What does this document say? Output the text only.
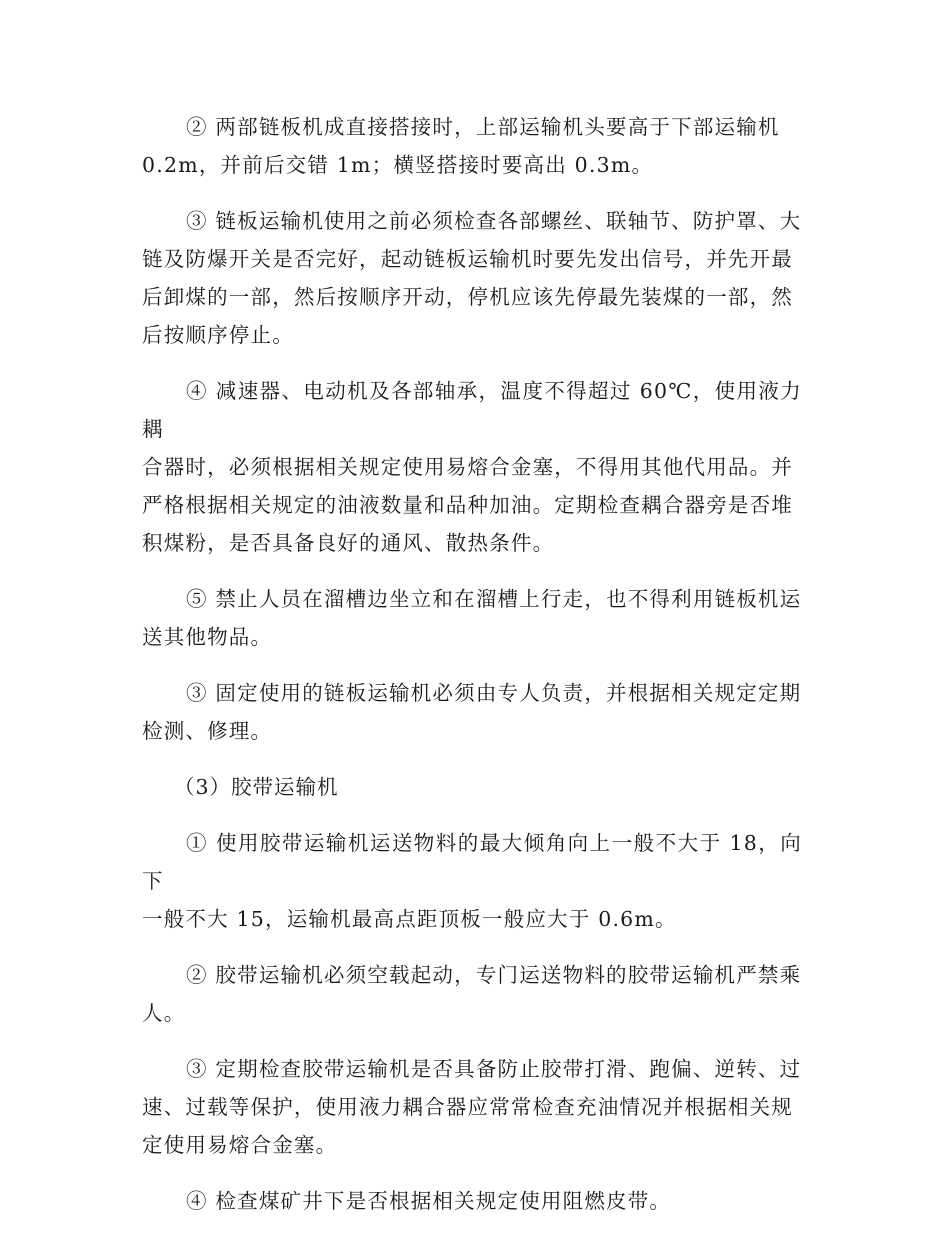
② 两部链板机成直接搭接时，上部运输机头要高于下部运输机
0.2m，并前后交错 1m；横竖搭接时要高出 0.3m。

③ 链板运输机使用之前必须检查各部螺丝、联轴节、防护罩、大
链及防爆开关是否完好，起动链板运输机时要先发出信号，并先开最
后卸煤的一部，然后按顺序开动，停机应该先停最先装煤的一部，然
后按顺序停止。

④ 减速器、电动机及各部轴承，温度不得超过 60℃，使用液力耦
合器时，必须根据相关规定使用易熔合金塞，不得用其他代用品。并
严格根据相关规定的油液数量和品种加油。定期检查耦合器旁是否堆
积煤粉，是否具备良好的通风、散热条件。

⑤ 禁止人员在溜槽边坐立和在溜槽上行走，也不得利用链板机运
送其他物品。

③ 固定使用的链板运输机必须由专人负责，并根据相关规定定期
检测、修理。

（3）胶带运输机

① 使用胶带运输机运送物料的最大倾角向上一般不大于 18，向下
一般不大 15，运输机最高点距顶板一般应大于 0.6m。

② 胶带运输机必须空载起动，专门运送物料的胶带运输机严禁乘
人。

③ 定期检查胶带运输机是否具备防止胶带打滑、跑偏、逆转、过
速、过载等保护，使用液力耦合器应常常检查充油情况并根据相关规
定使用易熔合金塞。

④ 检查煤矿井下是否根据相关规定使用阻燃皮带。
